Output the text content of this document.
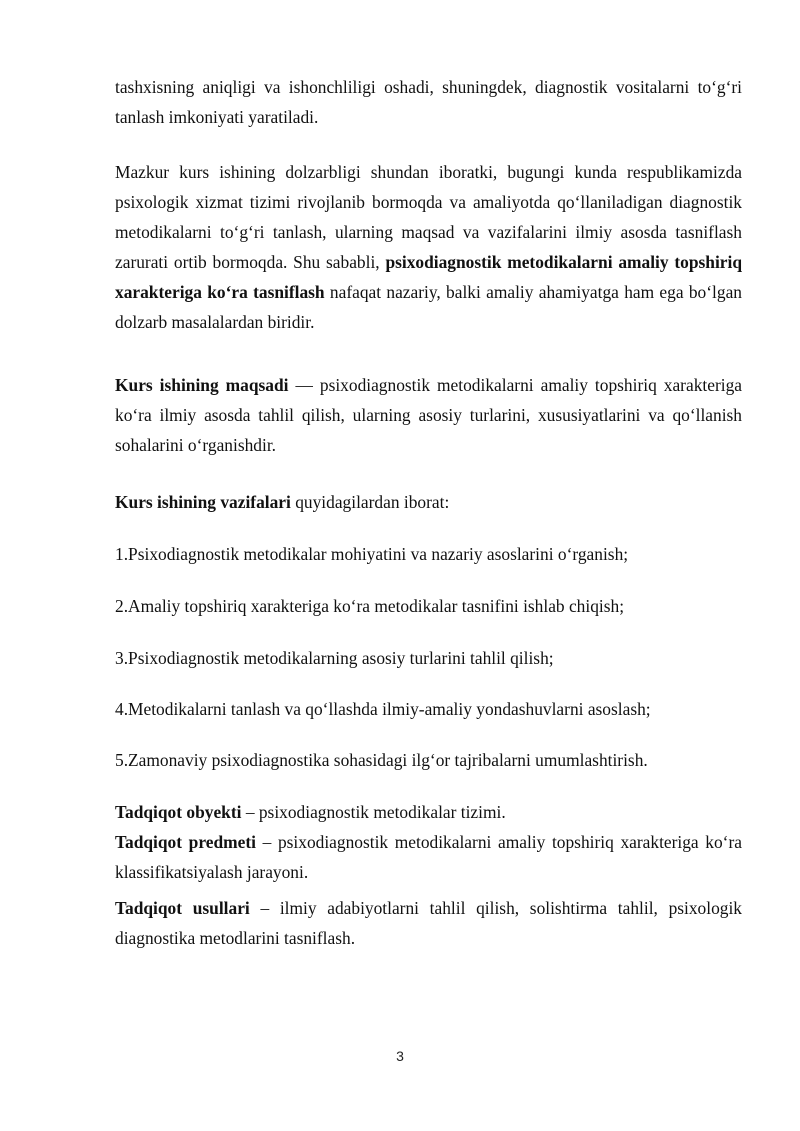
tashxisning aniqligi va ishonchliligi oshadi, shuningdek, diagnostik vositalarni to‘g‘ri tanlash imkoniyati yaratiladi.

Mazkur kurs ishining dolzarbligi shundan iboratki, bugungi kunda respublikamizda psixologik xizmat tizimi rivojlanib bormoqda va amaliyotda qo‘llaniladigan diagnostik metodikalarni to‘g‘ri tanlash, ularning maqsad va vazifalarini ilmiy asosda tasniflash zarurati ortib bormoqda. Shu sababli, psixodiagnostik metodikalarni amaliy topshiriq xarakteriga ko‘ra tasniflash nafaqat nazariy, balki amaliy ahamiyatga ham ega bo‘lgan dolzarb masalalardan biridir.

Kurs ishining maqsadi — psixodiagnostik metodikalarni amaliy topshiriq xarakteriga ko‘ra ilmiy asosda tahlil qilish, ularning asosiy turlarini, xususiyatlarini va qo‘llanish sohalarini o‘rganishdir.

Kurs ishining vazifalari quyidagilardan iborat:

1.Psixodiagnostik metodikalar mohiyatini va nazariy asoslarini o‘rganish;

2.Amaliy topshiriq xarakteriga ko‘ra metodikalar tasnifini ishlab chiqish;

3.Psixodiagnostik metodikalarning asosiy turlarini tahlil qilish;

4.Metodikalarni tanlash va qo‘llashda ilmiy-amaliy yondashuvlarni asoslash;

5.Zamonaviy psixodiagnostika sohasidagi ilg‘or tajribalarni umumlashtirish.

Tadqiqot obyekti – psixodiagnostik metodikalar tizimi.

Tadqiqot predmeti – psixodiagnostik metodikalarni amaliy topshiriq xarakteriga ko‘ra klassifikatsiyalash jarayoni.

Tadqiqot usullari – ilmiy adabiyotlarni tahlil qilish, solishtirma tahlil, psixologik diagnostika metodlarini tasniflash.

3
